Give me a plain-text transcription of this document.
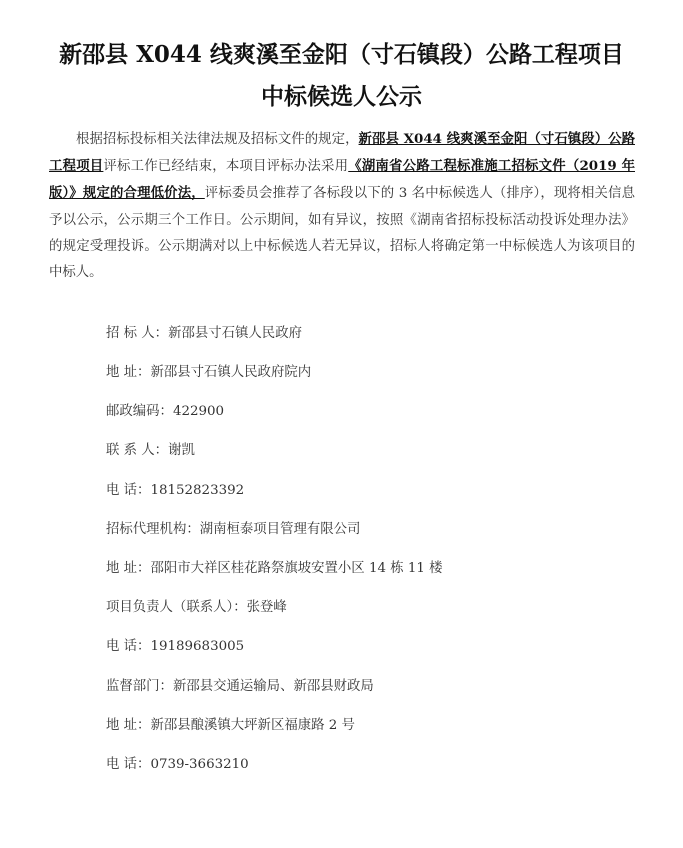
新邵县 X044 线爽溪至金阳（寸石镇段）公路工程项目
中标候选人公示

根据招标投标相关法律法规及招标文件的规定，新邵县 X044 线爽溪至金阳（寸石镇段）公路工程项目评标工作已经结束，本项目评标办法采用《湖南省公路工程标准施工招标文件（2019 年版）》规定的合理低价法，评标委员会推荐了各标段以下的 3 名中标候选人（排序），现将相关信息予以公示，公示期三个工作日。公示期间，如有异议，按照《湖南省招标投标活动投诉处理办法》的规定受理投诉。公示期满对以上中标候选人若无异议，招标人将确定第一中标候选人为该项目的中标人。

招 标 人：新邵县寸石镇人民政府
地 址：新邵县寸石镇人民政府院内
邮政编码：422900
联 系 人：谢凯
电 话：18152823392
招标代理机构：湖南桓泰项目管理有限公司
地 址：邵阳市大祥区桂花路祭旗坡安置小区 14 栋 11 楼
项目负责人（联系人）：张登峰
电 话：19189683005
监督部门：新邵县交通运输局、新邵县财政局
地 址：新邵县酿溪镇大坪新区福康路 2 号
电 话：0739-3663210
